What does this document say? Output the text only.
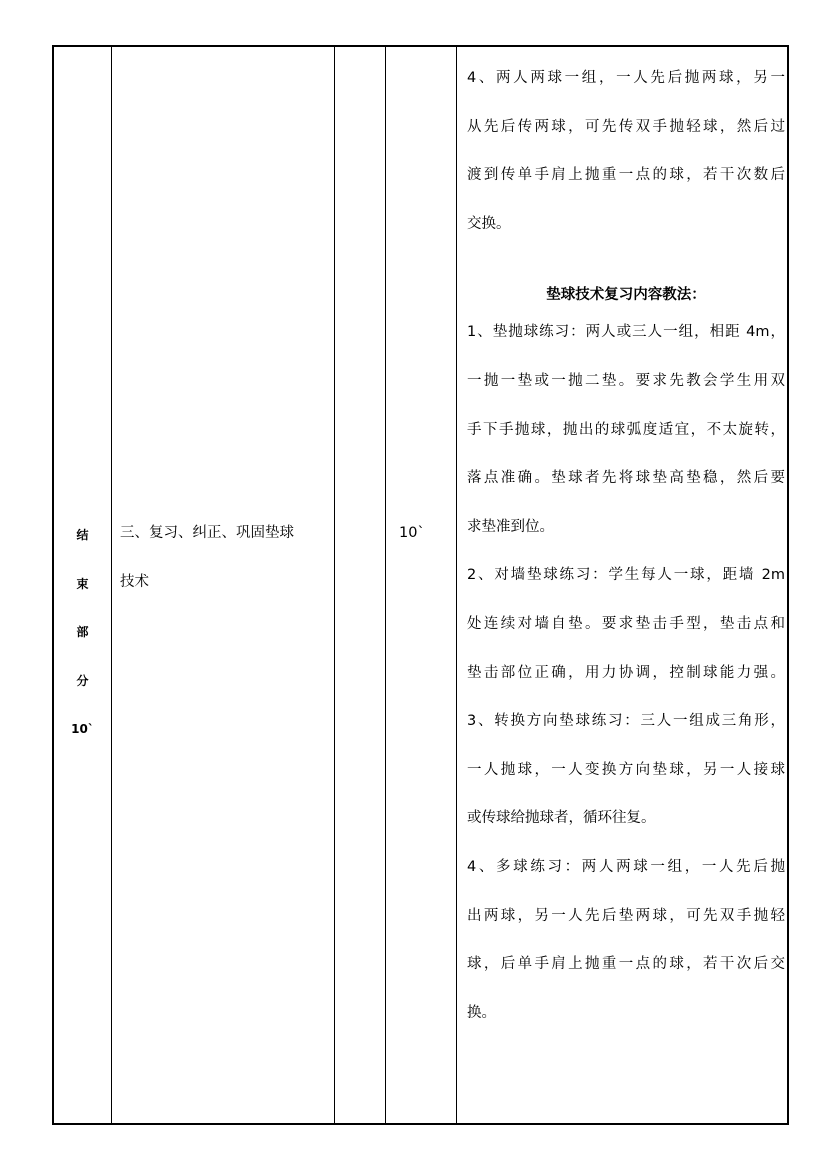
结
束
部
分
10`
三、复习、纠正、巩固垫球
技术
10`
4、两人两球一组，一人先后抛两球，另一
从先后传两球，可先传双手抛轻球，然后过
渡到传单手肩上抛重一点的球，若干次数后
交换。
垫球技术复习内容教法：
1、垫抛球练习：两人或三人一组，相距 4m，
一抛一垫或一抛二垫。要求先教会学生用双
手下手抛球，抛出的球弧度适宜，不太旋转，
落点准确。垫球者先将球垫高垫稳，然后要
求垫准到位。
2、对墙垫球练习：学生每人一球，距墙 2m
处连续对墙自垫。要求垫击手型，垫击点和
垫击部位正确，用力协调，控制球能力强。
3、转换方向垫球练习：三人一组成三角形，
一人抛球，一人变换方向垫球，另一人接球
或传球给抛球者，循环往复。
4、多球练习：两人两球一组，一人先后抛
出两球，另一人先后垫两球，可先双手抛轻
球，后单手肩上抛重一点的球，若干次后交
换。
